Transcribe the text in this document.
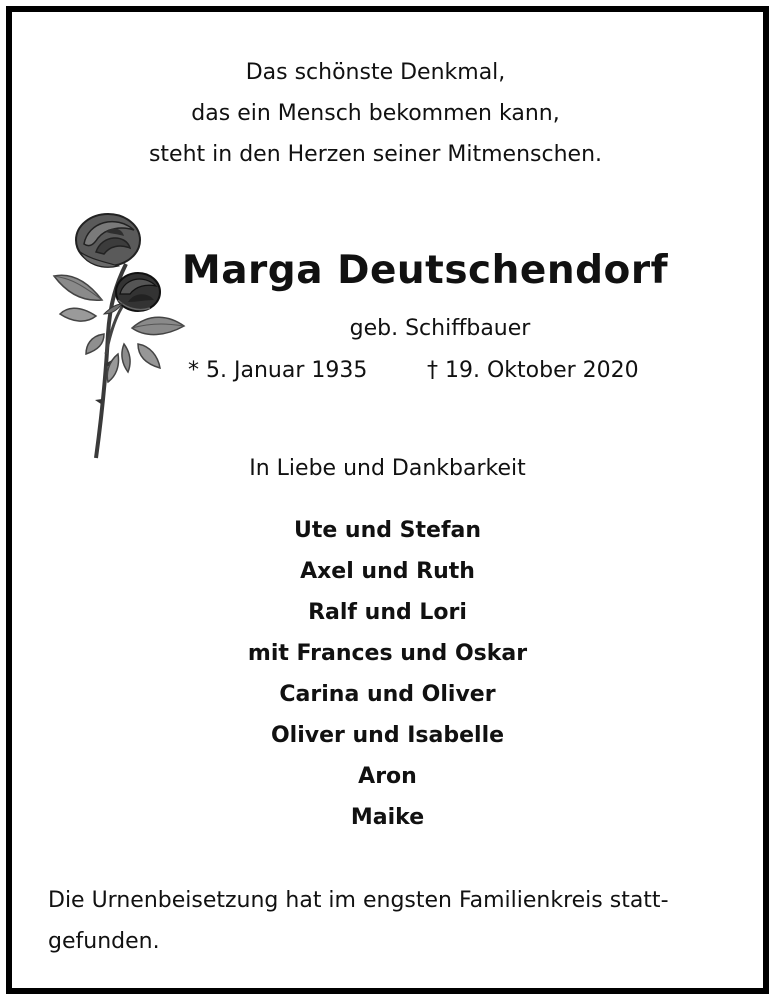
Das schönste Denkmal,
das ein Mensch bekommen kann,
steht in den Herzen seiner Mitmenschen.
Marga Deutschendorf
geb. Schiffbauer
* 5. Januar 1935	† 19. Oktober 2020
In Liebe und Dankbarkeit
Ute und Stefan
Axel und Ruth
Ralf und Lori
mit Frances und Oskar
Carina und Oliver
Oliver und Isabelle
Aron
Maike
Die Urnenbeisetzung hat im engsten Familienkreis statt-
gefunden.
